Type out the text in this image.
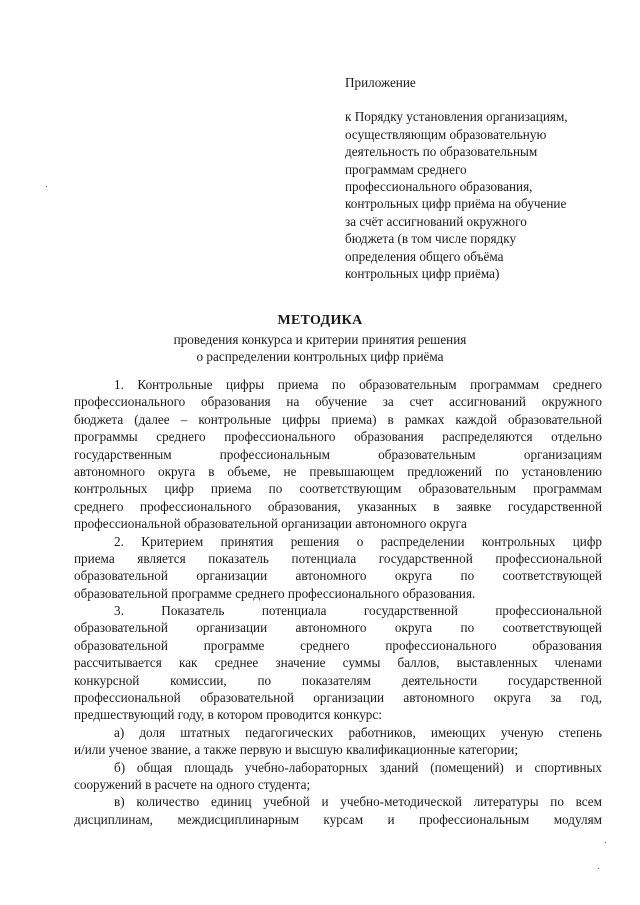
Приложение
к Порядку установления организациям,
осуществляющим образовательную
деятельность по образовательным
программам среднего
профессионального образования,
контрольных цифр приёма на обучение
за счёт ассигнований окружного
бюджета (в том числе порядку
определения общего объёма
контрольных цифр приёма)
МЕТОДИКА
проведения конкурса и критерии принятия решения
о распределении контрольных цифр приёма
1. Контрольные цифры приема по образовательным программам среднего
профессионального образования на обучение за счет ассигнований окружного
бюджета (далее – контрольные цифры приема) в рамках каждой образовательной
программы среднего профессионального образования распределяются отдельно
государственным профессиональным образовательным организациям
автономного округа в объеме, не превышающем предложений по установлению
контрольных цифр приема по соответствующим образовательным программам
среднего профессионального образования, указанных в заявке государственной
профессиональной образовательной организации автономного округа
2. Критерием принятия решения о распределении контрольных цифр
приема является показатель потенциала государственной профессиональной
образовательной организации автономного округа по соответствующей
образовательной программе среднего профессионального образования.
3. Показатель потенциала государственной профессиональной
образовательной организации автономного округа по соответствующей
образовательной программе среднего профессионального образования
рассчитывается как среднее значение суммы баллов, выставленных членами
конкурсной комиссии, по показателям деятельности государственной
профессиональной образовательной организации автономного округа за год,
предшествующий году, в котором проводится конкурс:
а) доля штатных педагогических работников, имеющих ученую степень
и/или ученое звание, а также первую и высшую квалификационные категории;
б) общая площадь учебно-лабораторных зданий (помещений) и спортивных
сооружений в расчете на одного студента;
в) количество единиц учебной и учебно-методической литературы по всем
дисциплинам, междисциплинарным курсам и профессиональным модулям
